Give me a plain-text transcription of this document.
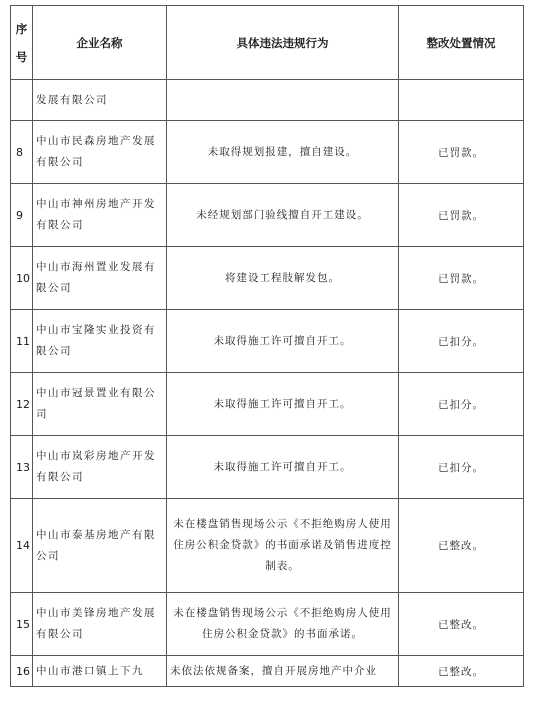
序号	企业名称	具体违法违规行为	整改处置情况
	发展有限公司		
8	中山市民森房地产发展有限公司	未取得规划报建，擅自建设。	已罚款。
9	中山市神州房地产开发有限公司	未经规划部门验线擅自开工建设。	已罚款。
10	中山市海州置业发展有限公司	将建设工程肢解发包。	已罚款。
11	中山市宝隆实业投资有限公司	未取得施工许可擅自开工。	已扣分。
12	中山市冠景置业有限公司	未取得施工许可擅自开工。	已扣分。
13	中山市岚彩房地产开发有限公司	未取得施工许可擅自开工。	已扣分。
14	中山市泰基房地产有限公司	未在楼盘销售现场公示《不拒绝购房人使用住房公积金贷款》的书面承诺及销售进度控制表。	已整改。
15	中山市美锋房地产发展有限公司	未在楼盘销售现场公示《不拒绝购房人使用住房公积金贷款》的书面承诺。	已整改。
16	中山市港口镇上下九	未依法依规备案，擅自开展房地产中介业	已整改。
